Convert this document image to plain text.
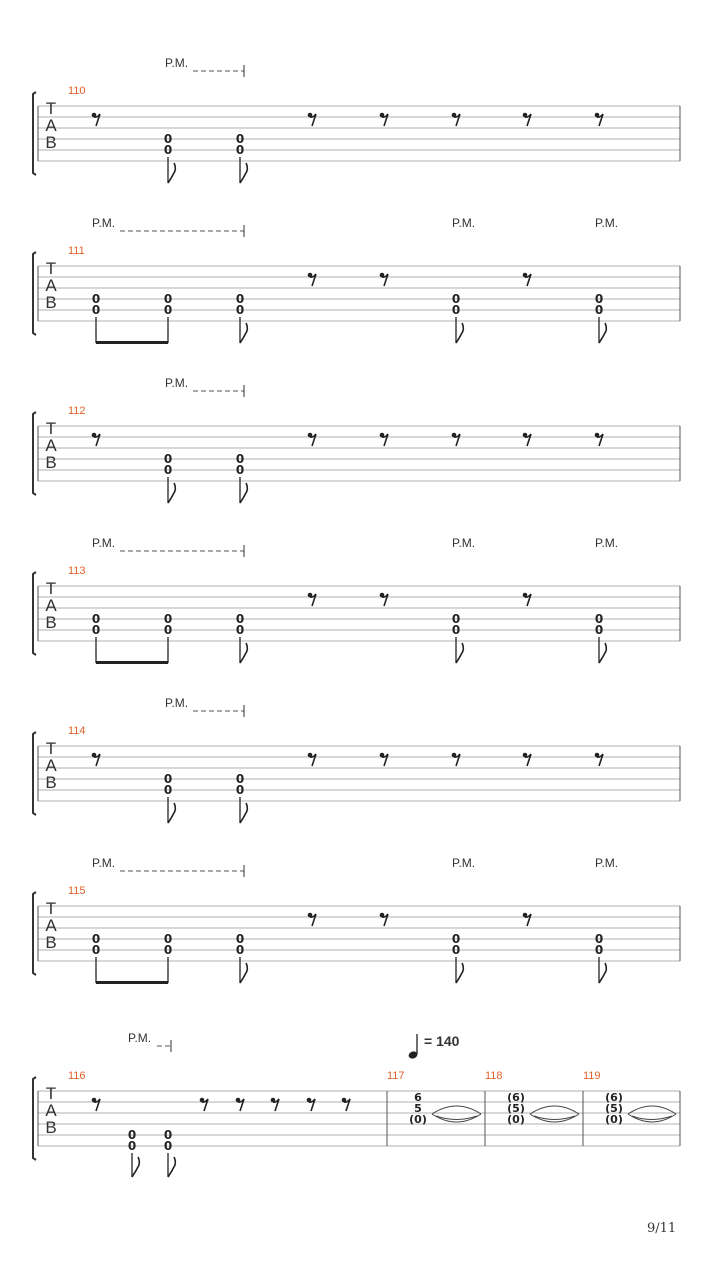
T
A
B
110
P.M.
0
0
0
0
T
A
B
111
P.M.	P.M.	P.M.
0
0
0
0
0
0
0
0
0
0
T
A
B
112
P.M.
0
0
0
0
T
A
B
113
P.M.	P.M.	P.M.
0
0
0
0
0
0
0
0
0
0
T
A
B
114
P.M.
0
0
0
0
T
A
B
115
P.M.	P.M.	P.M.
0
0
0
0
0
0
0
0
0
0
T
A
B
116
P.M.
0
0
0
0
117
6
5
(0)
118
(6)
(5)
(0)
119
(6)
(5)
(0)
= 140
9/11
